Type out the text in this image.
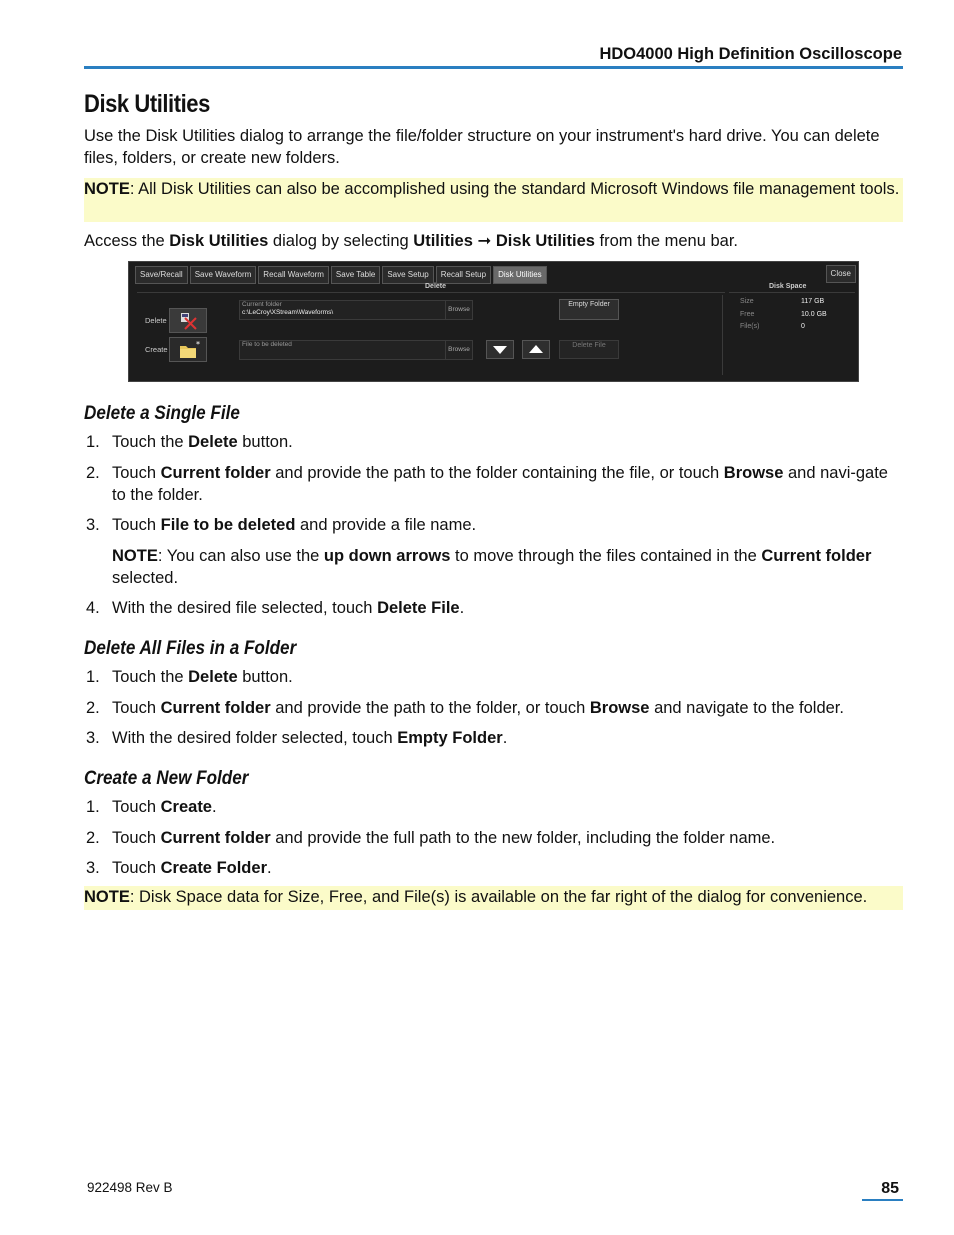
HDO4000 High Definition Oscilloscope
Disk Utilities
Use the Disk Utilities dialog to arrange the file/folder structure on your instrument's hard drive. You can delete files, folders, or create new folders.
NOTE: All Disk Utilities can also be accomplished using the standard Microsoft Windows file management tools.
Access the Disk Utilities dialog by selecting Utilities ➞ Disk Utilities from the menu bar.
Save/Recall	Save Waveform	Recall Waveform	Save Table	Save Setup	Recall Setup	Disk Utilities	Close
Delete	Disk Space
Delete
Create
*
Current folder
c:\LeCroy\XStream\Waveforms\	Browse
File to be deleted
Browse
Empty Folder
Delete File
Size	117 GB
Free	10.0 GB
File(s)	0
Delete a Single File
1. Touch the Delete button.
2. Touch Current folder and provide the path to the folder containing the file, or touch Browse and navi-gate to the folder.
3. Touch File to be deleted and provide a file name.
NOTE: You can also use the up down arrows to move through the files contained in the Current folder selected.
4. With the desired file selected, touch Delete File.
Delete All Files in a Folder
1. Touch the Delete button.
2. Touch Current folder and provide the path to the folder, or touch Browse and navigate to the folder.
3. With the desired folder selected, touch Empty Folder.
Create a New Folder
1. Touch Create.
2. Touch Current folder and provide the full path to the new folder, including the folder name.
3. Touch Create Folder.
NOTE: Disk Space data for Size, Free, and File(s) is available on the far right of the dialog for convenience.
922498 Rev B	85
